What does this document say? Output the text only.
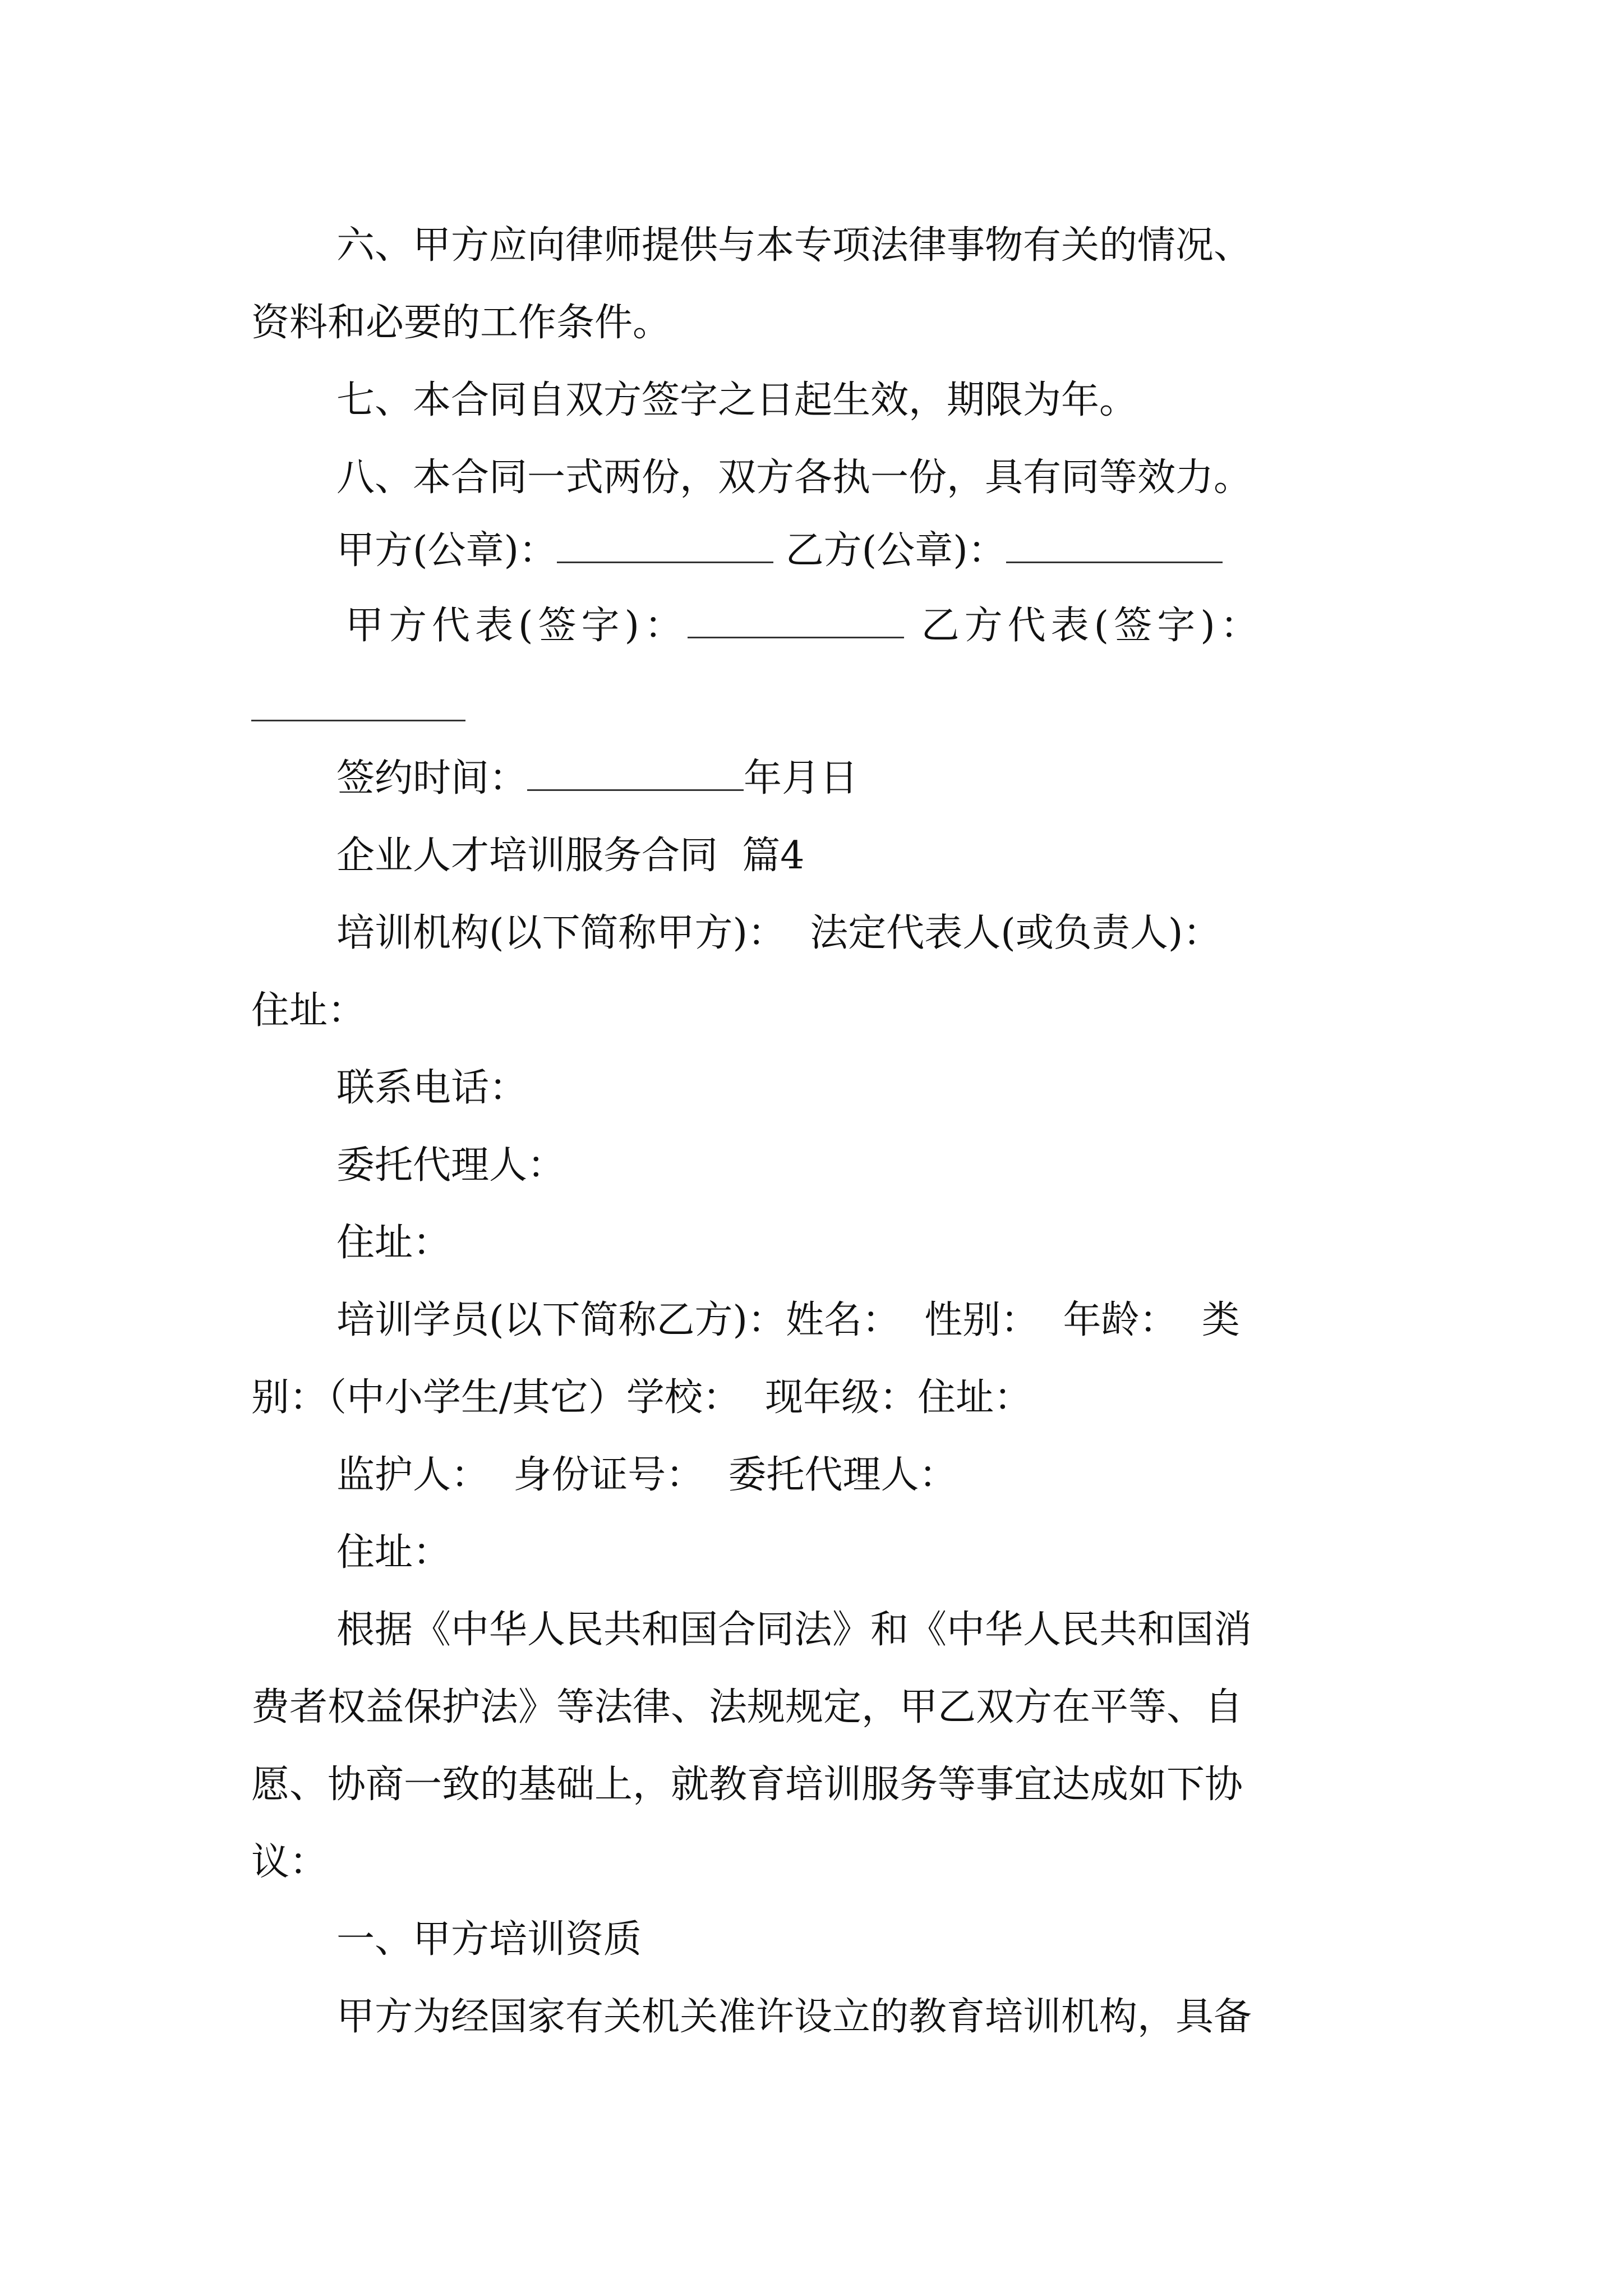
六、甲方应向律师提供与本专项法律事物有关的情况、
资料和必要的工作条件。
七、本合同自双方签字之日起生效，期限为年。
八、本合同一式两份，双方各执一份，具有同等效力。
甲方(公章)：	乙方(公章)：
甲方代表(签字)：	乙方代表(签字)：
签约时间：	年月日
企业人才培训服务合同  篇4
培训机构(以下简称甲方)：  法定代表人(或负责人)：
住址：
联系电话：
委托代理人：
住址：
培训学员(以下简称乙方)：姓名：  性别：  年龄：  类
别：（中小学生/其它）学校：  现年级：住址：
监护人：  身份证号：  委托代理人：
住址：
根据《中华人民共和国合同法》和《中华人民共和国消
费者权益保护法》等法律、法规规定，甲乙双方在平等、自
愿、协商一致的基础上，就教育培训服务等事宜达成如下协
议：
一、甲方培训资质
甲方为经国家有关机关准许设立的教育培训机构，具备
